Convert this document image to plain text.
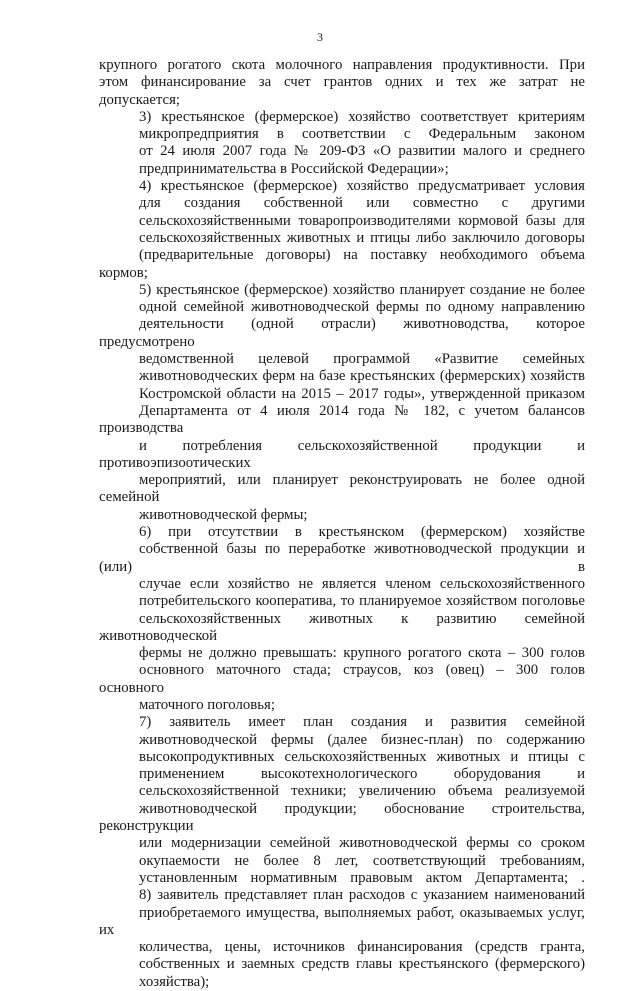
3

крупного рогатого скота молочного направления продуктивности. При
этом финансирование за счет грантов одних и тех же затрат не
допускается;

3) крестьянское (фермерское) хозяйство соответствует критериям
микропредприятия в соответствии с Федеральным законом
от 24 июля 2007 года № 209-ФЗ «О развитии малого и среднего
предпринимательства в Российской Федерации»;

4) крестьянское (фермерское) хозяйство предусматривает условия
для создания собственной или совместно с другими
сельскохозяйственными товаропроизводителями кормовой базы для
сельскохозяйственных животных и птицы либо заключило договоры
(предварительные договоры) на поставку необходимого объема кормов;

5) крестьянское (фермерское) хозяйство планирует создание не более
одной семейной животноводческой фермы по одному направлению
деятельности (одной отрасли) животноводства, которое предусмотрено
ведомственной целевой программой «Развитие семейных
животноводческих ферм на базе крестьянских (фермерских) хозяйств
Костромской области на 2015 – 2017 годы», утвержденной приказом
Департамента от 4 июля 2014 года № 182, с учетом балансов производства
и потребления сельскохозяйственной продукции и противоэпизоотических
мероприятий, или планирует реконструировать не более одной семейной
животноводческой фермы;

6) при отсутствии в крестьянском (фермерском) хозяйстве
собственной базы по переработке животноводческой продукции и (или) в
случае если хозяйство не является членом сельскохозяйственного
потребительского кооператива, то планируемое хозяйством поголовье
сельскохозяйственных животных к развитию семейной животноводческой
фермы не должно превышать: крупного рогатого скота – 300 голов
основного маточного стада; страусов, коз (овец) – 300 голов основного
маточного поголовья;

7) заявитель имеет план создания и развития семейной
животноводческой фермы (далее бизнес-план) по содержанию
высокопродуктивных сельскохозяйственных животных и птицы с
применением высокотехнологического оборудования и
сельскохозяйственной техники; увеличению объема реализуемой
животноводческой продукции; обоснование строительства, реконструкции
или модернизации семейной животноводческой фермы со сроком
окупаемости не более 8 лет, соответствующий требованиям,
установленным нормативным правовым актом Департамента; .

8) заявитель представляет план расходов с указанием наименований
приобретаемого имущества, выполняемых работ, оказываемых услуг, их
количества, цены, источников финансирования (средств гранта,
собственных и заемных средств главы крестьянского (фермерского)
хозяйства);
